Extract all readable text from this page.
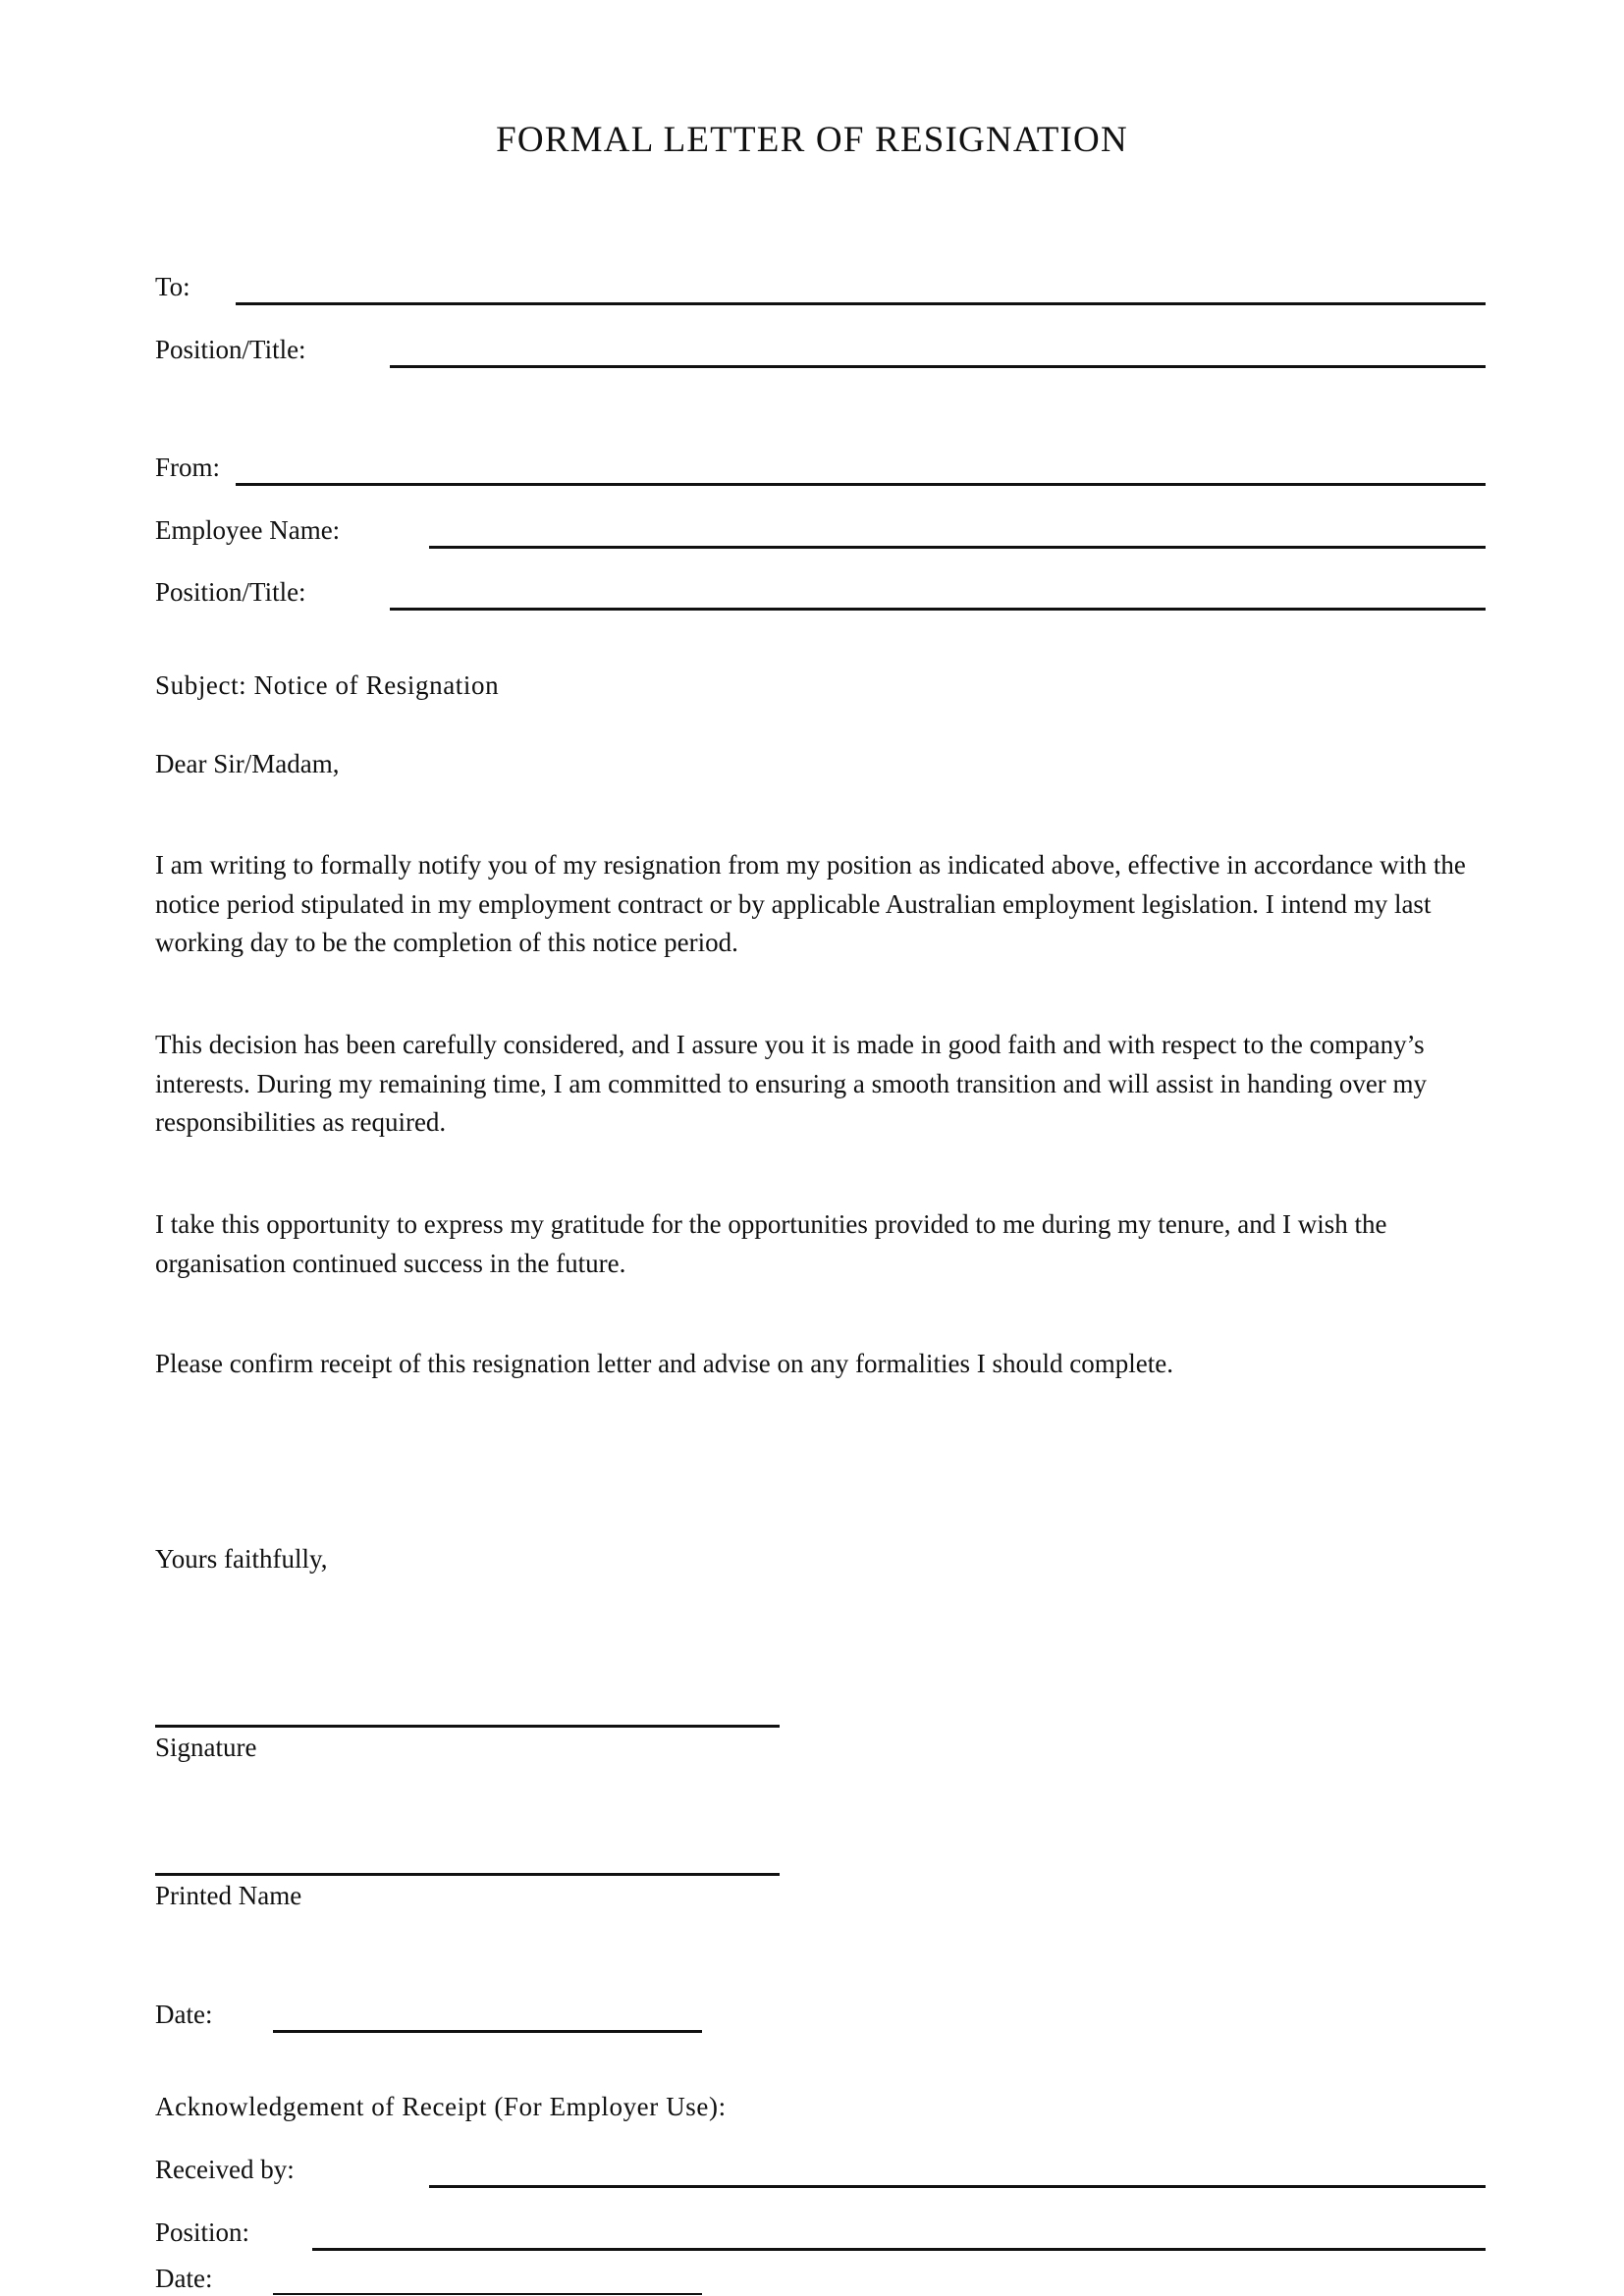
FORMAL LETTER OF RESIGNATION
To:
Position/Title:
From:
Employee Name:
Position/Title:
Subject: Notice of Resignation
Dear Sir/Madam,
I am writing to formally notify you of my resignation from my position as indicated above, effective in accordance with the notice period stipulated in my employment contract or by applicable Australian employment legislation. I intend my last working day to be the completion of this notice period.
This decision has been carefully considered, and I assure you it is made in good faith and with respect to the company’s interests. During my remaining time, I am committed to ensuring a smooth transition and will assist in handing over my responsibilities as required.
I take this opportunity to express my gratitude for the opportunities provided to me during my tenure, and I wish the organisation continued success in the future.
Please confirm receipt of this resignation letter and advise on any formalities I should complete.
Yours faithfully,
Signature
Printed Name
Date:
Acknowledgement of Receipt (For Employer Use):
Received by:
Position:
Date:
